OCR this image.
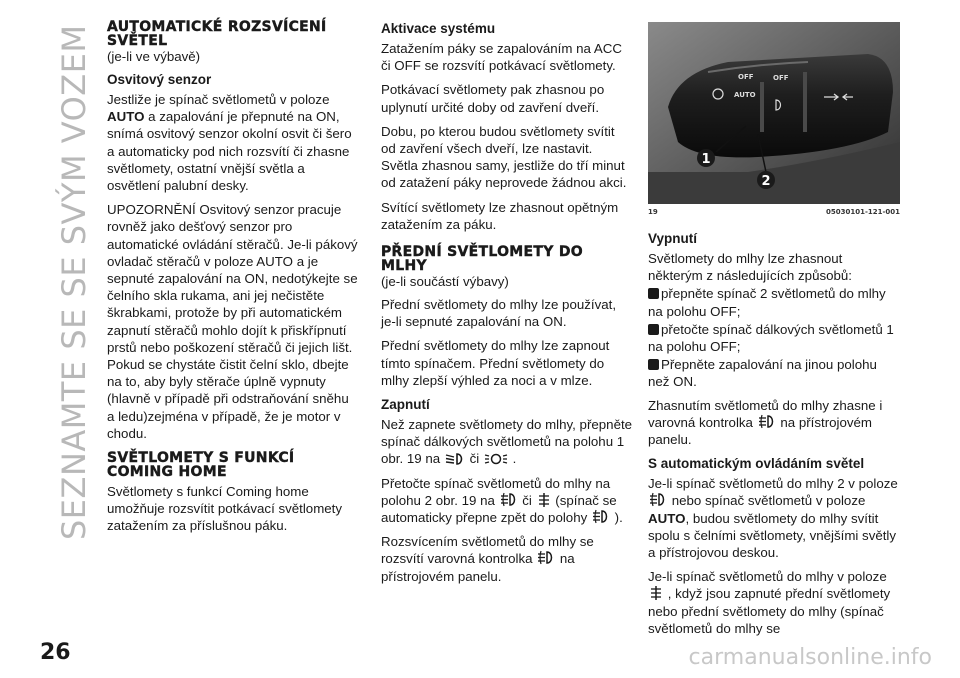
SEZNAMTE SE SE SVÝM VOZEM AUTOMATICKÉ ROZSVÍCENÍ SVĚTEL
(je-li ve výbavě)
Osvitový senzor

Jestliže je spínač světlometů v poloze AUTO a zapalování je přepnuté na ON, snímá osvitový senzor okolní osvit či šero a automaticky pod nich rozsvítí či zhasne světlomety, ostatní vnější světla a osvětlení palubní desky.

UPOZORNĚNÍ Osvitový senzor pracuje rovněž jako dešťový senzor pro automatické ovládání stěračů. Je-li pákový ovladač stěračů v poloze AUTO a je sepnuté zapalování na ON, nedotýkejte se čelního skla rukama, ani jej nečistěte škrabkami, protože by při automatickém zapnutí stěračů mohlo dojít k přiskřípnutí prstů nebo poškození stěračů či jejich lišt. Pokud se chystáte čistit čelní sklo, dbejte na to, aby byly stěrače úplně vypnuty (hlavně v případě při odstraňování sněhu a ledu)zejména v případě, že je motor v chodu.

SVĚTLOMETY S FUNKCÍ COMING HOME

Světlomety s funkcí Coming home umožňuje rozsvítit potkávací světlomety zatažením za příslušnou páku.

Aktivace systému

Zatažením páky se zapalováním na ACC či OFF se rozsvítí potkávací světlomety.

Potkávací světlomety pak zhasnou po uplynutí určité doby od zavření dveří.

Dobu, po kterou budou světlomety svítit od zavření všech dveří, lze nastavit. Světla zhasnou samy, jestliže do tří minut od zatažení páky neprovede žádnou akci.

Svítící světlomety lze zhasnout opětným zatažením za páku.

PŘEDNÍ SVĚTLOMETY DO MLHY
(je-li součástí výbavy)

Přední světlomety do mlhy lze používat, je-li sepnuté zapalování na ON.

Přední světlomety do mlhy lze zapnout tímto spínačem. Přední světlomety do mlhy zlepší výhled za noci a v mlze.

Zapnutí

Než zapnete světlomety do mlhy, přepněte spínač dálkových světlometů na polohu 1 obr. 19 na či	.

Přetočte spínač světlometů do mlhy na polohu 2 obr. 19 na či (spínač se automaticky přepne zpět do polohy ).

Rozsvícením světlometů do mlhy se rozsvítí varovná kontrolka na přístrojovém panelu.

OFF	OFF
AUTO
1
2
19	05030101-121-001
Vypnutí

Světlomety do mlhy lze zhasnout některým z následujících způsobů:

přepněte spínač 2 světlometů do mlhy na polohu OFF;
přetočte spínač dálkových světlometů 1 na polohu OFF;
Přepněte zapalování na jinou polohu než ON.

Zhasnutím světlometů do mlhy zhasne i varovná kontrolka na přístrojovém panelu.

S automatickým ovládáním světel

Je-li spínač světlometů do mlhy 2 v poloze  nebo spínač světlometů v poloze AUTO, budou světlomety do mlhy svítit spolu s čelními světlomety, vnějšími světly a přístrojovou deskou.

Je-li spínač světlometů do mlhy v poloze  , když jsou zapnuté přední světlomety nebo přední světlomety do mlhy (spínač světlometů do mlhy se

26	carmanualsonline.info
